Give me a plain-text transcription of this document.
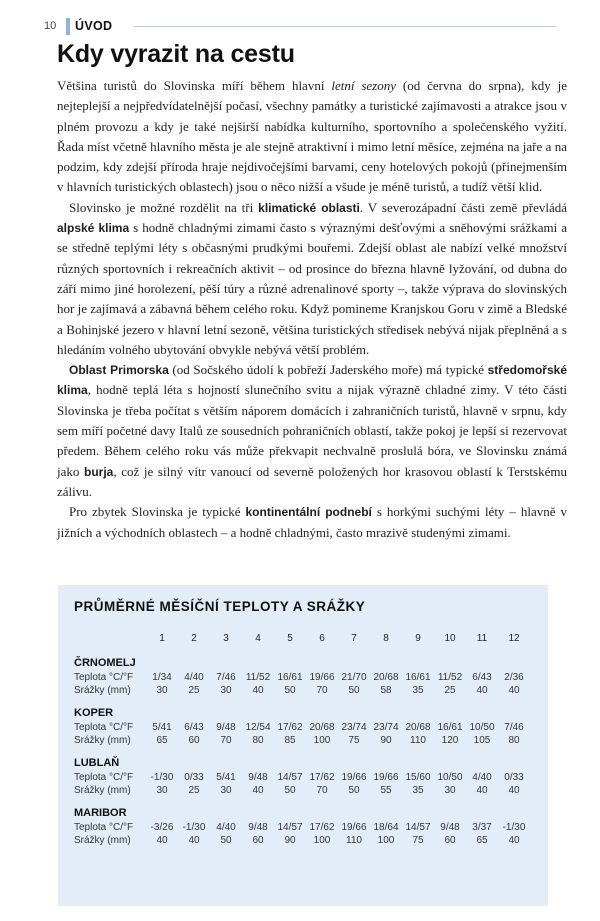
10 ÚVOD
Kdy vyrazit na cestu

Většina turistů do Slovinska míří během hlavní letní sezony (od června do srpna), kdy je nejteplejší a nejpředvídatelnější počasí, všechny památky a turistické zajímavosti a atrakce jsou v plném provozu a kdy je také nejširší nabídka kulturního, sportovního a společenského vyžití. Řada míst včetně hlavního města je ale stejně atraktivní i mimo letní měsíce, zejména na jaře a na podzim, kdy zdejší příroda hraje nejdivočejšími barvami, ceny hotelových pokojů (přinejmenším v hlavních turistických oblastech) jsou o něco nižší a všude je méně turistů, a tudíž větší klid.

Slovinsko je možné rozdělit na tři klimatické oblasti. V severozápadní části země převládá alpské klima s hodně chladnými zimami často s výraznými dešťovými a sněhovými srážkami a se středně teplými léty s občasnými prudkými bouřemi. Zdejší oblast ale nabízí velké množství různých sportovních i rekreačních aktivit – od prosince do března hlavně lyžování, od dubna do září mimo jiné horolezení, pěší túry a různé adrenalinové sporty –, takže výprava do slovinských hor je zajímavá a zábavná během celého roku. Když pomineme Kranjskou Goru v zimě a Bledské a Bohinjské jezero v hlavní letní sezoně, většina turistických středisek nebývá nijak přeplněná a s hledáním volného ubytování obvykle nebývá větší problém.

Oblast Primorska (od Sočského údolí k pobřeží Jaderského moře) má typické středomořské klima, hodně teplá léta s hojností slunečního svitu a nijak výrazně chladné zimy. V této části Slovinska je třeba počítat s větším náporem domácích i zahraničních turistů, hlavně v srpnu, kdy sem míří početné davy Italů ze sousedních pohraničních oblastí, takže pokoj je lepší si rezervovat předem. Během celého roku vás může překvapit nechvalně proslulá bóra, ve Slovinsku známá jako burja, což je silný vítr vanoucí od severně položených hor krasovou oblastí k Terstskému zálivu.

Pro zbytek Slovinska je typické kontinentální podnebí s horkými suchými léty – hlavně v jižních a východních oblastech – a hodně chladnými, často mrazivě studenými zimami.

PRŮMĚRNÉ MĚSÍČNÍ TEPLOTY A SRÁŽKY
	1	2	3	4	5	6	7	8	9	10	11	12
ČRNOMELJ												
Teplota °C/°F	1/34	4/40	7/46	11/52	16/61	19/66	21/70	20/68	16/61	11/52	6/43	2/36
Srážky (mm)	30	25	30	40	50	70	50	58	35	25	40	40
KOPER												
Teplota °C/°F	5/41	6/43	9/48	12/54	17/62	20/68	23/74	23/74	20/68	16/61	10/50	7/46
Srážky (mm)	65	60	70	80	85	100	75	90	110	120	105	80
LUBLAŇ												
Teplota °C/°F	-1/30	0/33	5/41	9/48	14/57	17/62	19/66	19/66	15/60	10/50	4/40	0/33
Srážky (mm)	30	25	30	40	50	70	50	55	35	30	40	40
MARIBOR												
Teplota °C/°F	-3/26	-1/30	4/40	9/48	14/57	17/62	19/66	18/64	14/57	9/48	3/37	-1/30
Srážky (mm)	40	40	50	60	90	100	110	100	75	60	65	40
